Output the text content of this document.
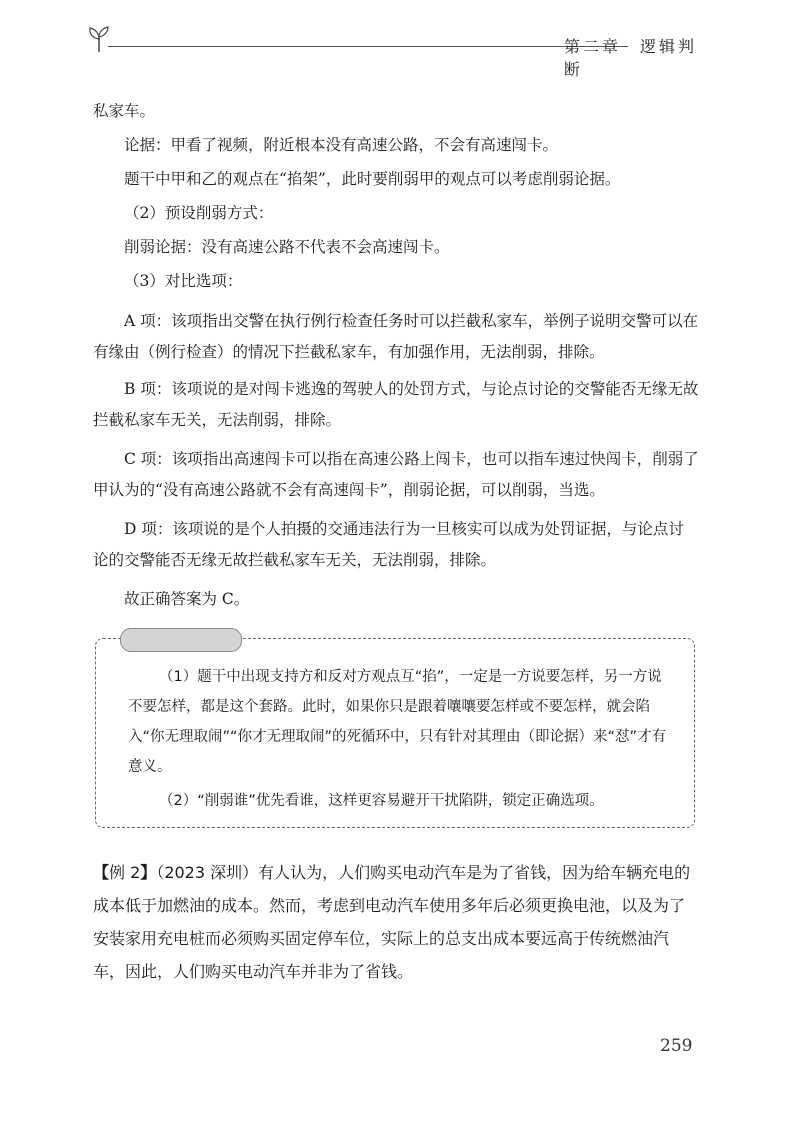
第二章　逻辑判断

私家车。

论据：甲看了视频，附近根本没有高速公路，不会有高速闯卡。

题干中甲和乙的观点在“掐架”，此时要削弱甲的观点可以考虑削弱论据。

（2）预设削弱方式：

削弱论据：没有高速公路不代表不会高速闯卡。

（3）对比选项：

A 项：该项指出交警在执行例行检查任务时可以拦截私家车，举例子说明交警可以在有缘由（例行检查）的情况下拦截私家车，有加强作用，无法削弱，排除。

B 项：该项说的是对闯卡逃逸的驾驶人的处罚方式，与论点讨论的交警能否无缘无故拦截私家车无关，无法削弱，排除。

C 项：该项指出高速闯卡可以指在高速公路上闯卡，也可以指车速过快闯卡，削弱了甲认为的“没有高速公路就不会有高速闯卡”，削弱论据，可以削弱，当选。

D 项：该项说的是个人拍摄的交通违法行为一旦核实可以成为处罚证据，与论点讨论的交警能否无缘无故拦截私家车无关，无法削弱，排除。

故正确答案为 C。

（1）题干中出现支持方和反对方观点互“掐”，一定是一方说要怎样，另一方说不要怎样，都是这个套路。此时，如果你只是跟着嚷嚷要怎样或不要怎样，就会陷入“你无理取闹”“你才无理取闹”的死循环中，只有针对其理由（即论据）来“怼”才有意义。

（2）“削弱谁”优先看谁，这样更容易避开干扰陷阱，锁定正确选项。

【例 2】（2023 深圳）有人认为，人们购买电动汽车是为了省钱，因为给车辆充电的成本低于加燃油的成本。然而，考虑到电动汽车使用多年后必须更换电池，以及为了安装家用充电桩而必须购买固定停车位，实际上的总支出成本要远高于传统燃油汽车，因此，人们购买电动汽车并非为了省钱。

259
